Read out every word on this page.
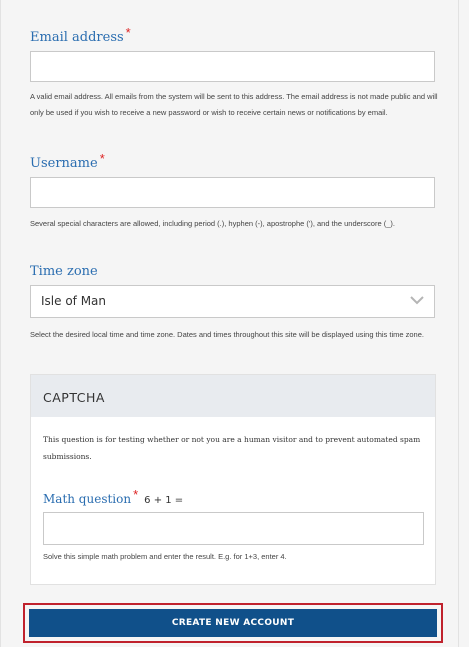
Email address *
A valid email address. All emails from the system will be sent to this address. The email address is not made public and will only be used if you wish to receive a new password or wish to receive certain news or notifications by email.
Username *
Several special characters are allowed, including period (.), hyphen (-), apostrophe ('), and the underscore (_).
Time zone
Isle of Man
Select the desired local time and time zone. Dates and times throughout this site will be displayed using this time zone.
CAPTCHA
This question is for testing whether or not you are a human visitor and to prevent automated spam submissions.
Math question * 6 + 1 =
Solve this simple math problem and enter the result. E.g. for 1+3, enter 4.
CREATE NEW ACCOUNT
